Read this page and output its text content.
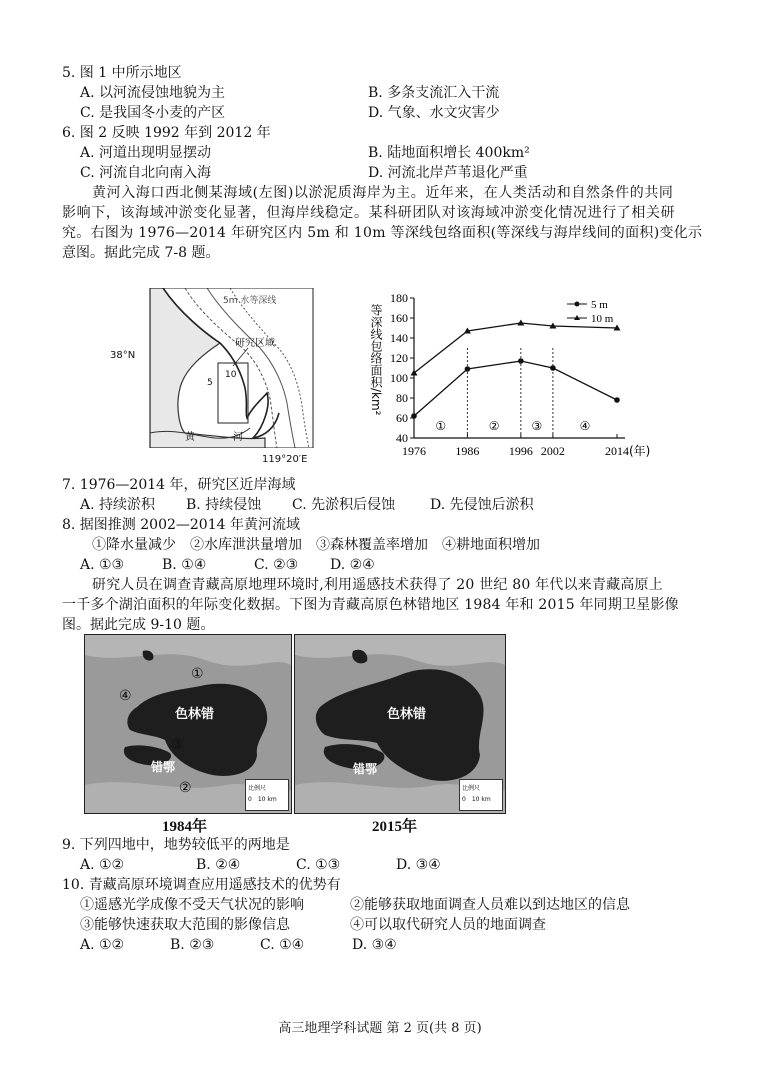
5. 图 1 中所示地区
A. 以河流侵蚀地貌为主	B. 多条支流汇入干流
C. 是我国冬小麦的产区	D. 气象、水文灾害少
6. 图 2 反映 1992 年到 2012 年
A. 河道出现明显摆动	B. 陆地面积增长 400km²
C. 河流自北向南入海	D. 河流北岸芦苇退化严重
黄河入海口西北侧某海域(左图)以淤泥质海岸为主。近年来，在人类活动和自然条件的共同
影响下，该海域冲淤变化显著，但海岸线稳定。某科研团队对该海域冲淤变化情况进行了相关研
究。右图为 1976—2014 年研究区内 5m 和 10m 等深线包络面积(等深线与海岸线间的面积)变化示
意图。据此完成 7-8 题。
5m 水等深线
研究区域
10
5
黄	河
38°N
119°20′E
40
60
80
100
120
140
160
180
1976 1986 1996 2002	2014
①	②	③	④
等深线包络面积/km²
(年)
5 m
10 m
7. 1976—2014 年，研究区近岸海域
A. 持续淤积 B. 持续侵蚀 C. 先淤积后侵蚀 D. 先侵蚀后淤积
8. 据图推测 2002—2014 年黄河流域
①降水量减少　②水库泄洪量增加　③森林覆盖率增加　④耕地面积增加
A. ①③	B. ①④	C. ②③ D. ②④
研究人员在调查青藏高原地理环境时,利用遥感技术获得了 20 世纪 80 年代以来青藏高原上
一千多个湖泊面积的年际变化数据。下图为青藏高原色林错地区 1984 年和 2015 年同期卫星影像
图。据此完成 9-10 题。
①
④
③
②
色林错
错鄂
比例尺
0　10 km
色林错
错鄂
比例尺
0　10 km
1984年	2015年
9. 下列四地中，地势较低平的两地是
A. ①②	B. ②④	C. ①③	D. ③④
10. 青藏高原环境调查应用遥感技术的优势有
①遥感光学成像不受天气状况的影响	②能够获取地面调查人员难以到达地区的信息
③能够快速获取大范围的影像信息	④可以取代研究人员的地面调查
A. ①②	B. ②③	C. ①④	D. ③④
高三地理学科试题 第 2 页(共 8 页)
